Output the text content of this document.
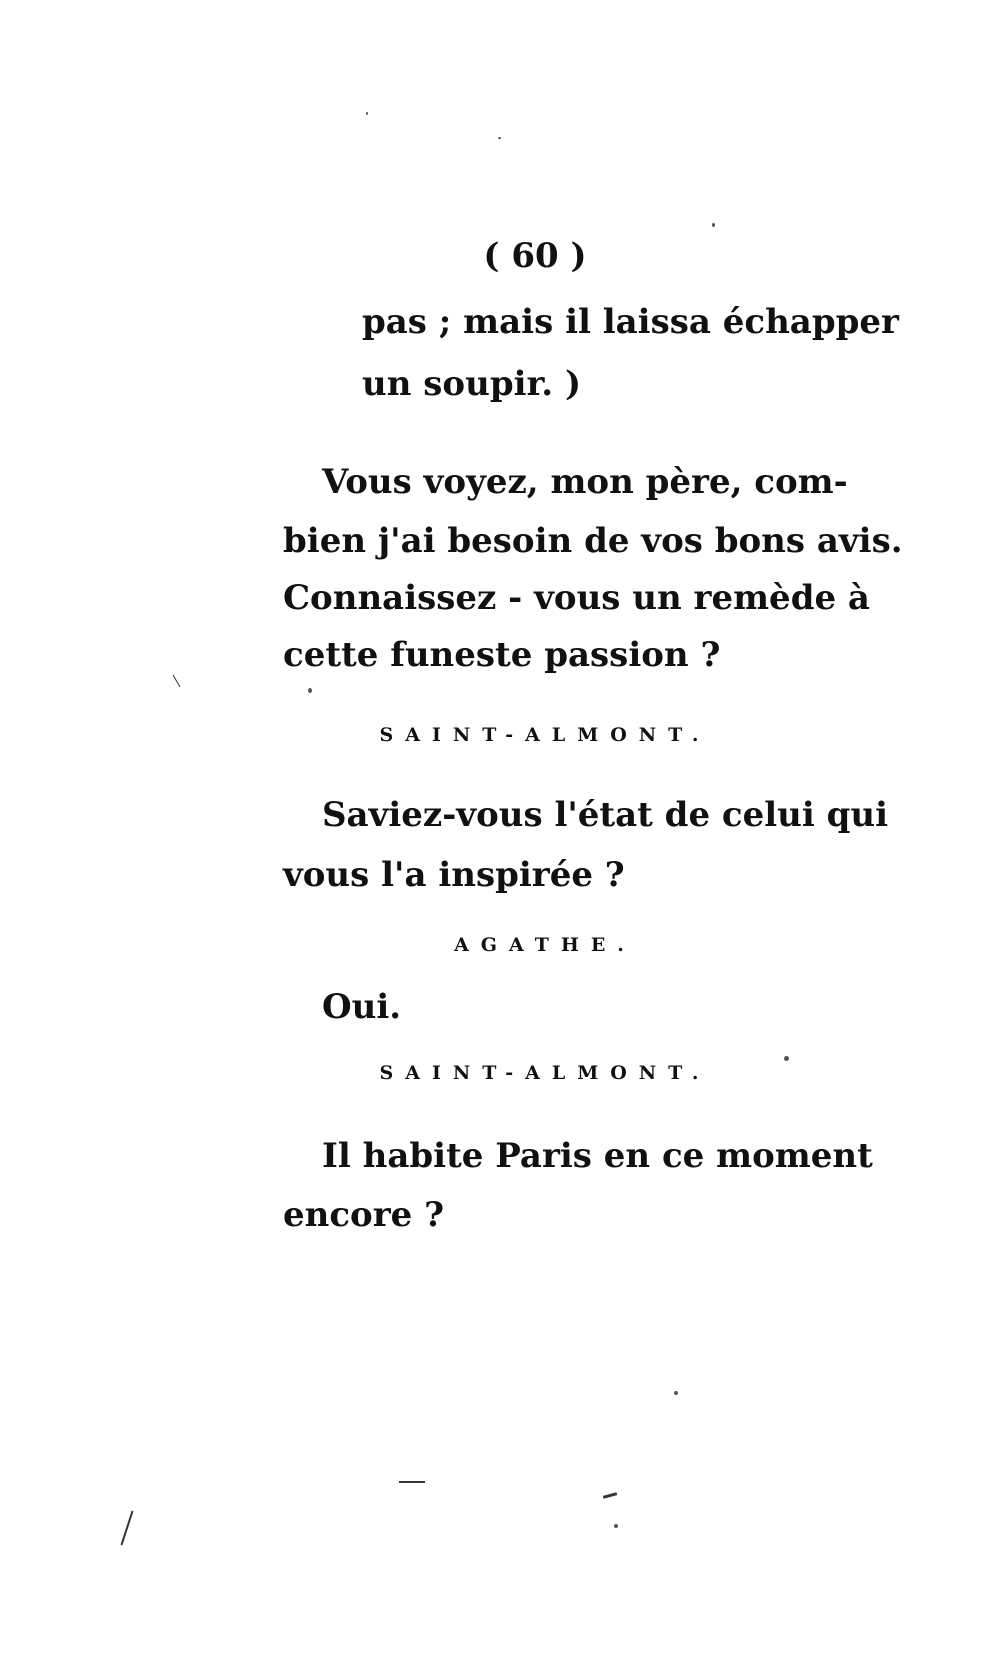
( 60 )
pas ; mais il laissa échapper
un soupir. )
Vous voyez, mon père, com-
bien j'ai besoin de vos bons avis.
Connaissez - vous un remède à
cette funeste passion ?
SAINT-ALMONT.
Saviez-vous l'état de celui qui
vous l'a inspirée ?
AGATHE.
Oui.
SAINT-ALMONT.
Il habite Paris en ce moment
encore ?
